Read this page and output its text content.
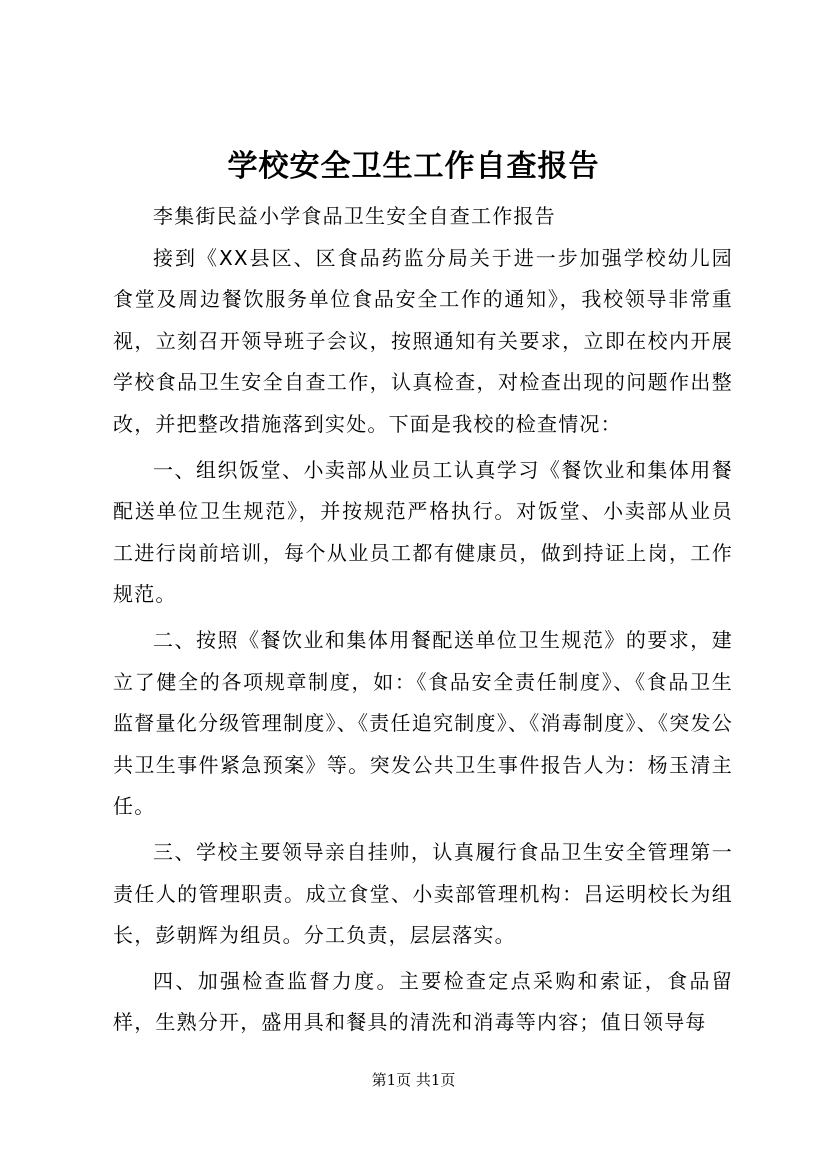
学校安全卫生工作自查报告

李集街民益小学食品卫生安全自查工作报告

接到《XX县区、区食品药监分局关于进一步加强学校幼儿园食堂及周边餐饮服务单位食品安全工作的通知》，我校领导非常重视，立刻召开领导班子会议，按照通知有关要求，立即在校内开展学校食品卫生安全自查工作，认真检查，对检查出现的问题作出整改，并把整改措施落到实处。下面是我校的检查情况：

一、组织饭堂、小卖部从业员工认真学习《餐饮业和集体用餐配送单位卫生规范》，并按规范严格执行。对饭堂、小卖部从业员工进行岗前培训，每个从业员工都有健康员，做到持证上岗，工作规范。

二、按照《餐饮业和集体用餐配送单位卫生规范》的要求，建立了健全的各项规章制度，如：《食品安全责任制度》、《食品卫生监督量化分级管理制度》、《责任追究制度》、《消毒制度》、《突发公共卫生事件紧急预案》等。突发公共卫生事件报告人为：杨玉清主任。

三、学校主要领导亲自挂帅，认真履行食品卫生安全管理第一责任人的管理职责。成立食堂、小卖部管理机构：吕运明校长为组长，彭朝辉为组员。分工负责，层层落实。

四、加强检查监督力度。主要检查定点采购和索证，食品留样，生熟分开，盛用具和餐具的清洗和消毒等内容；值日领导每

第1页 共1页
